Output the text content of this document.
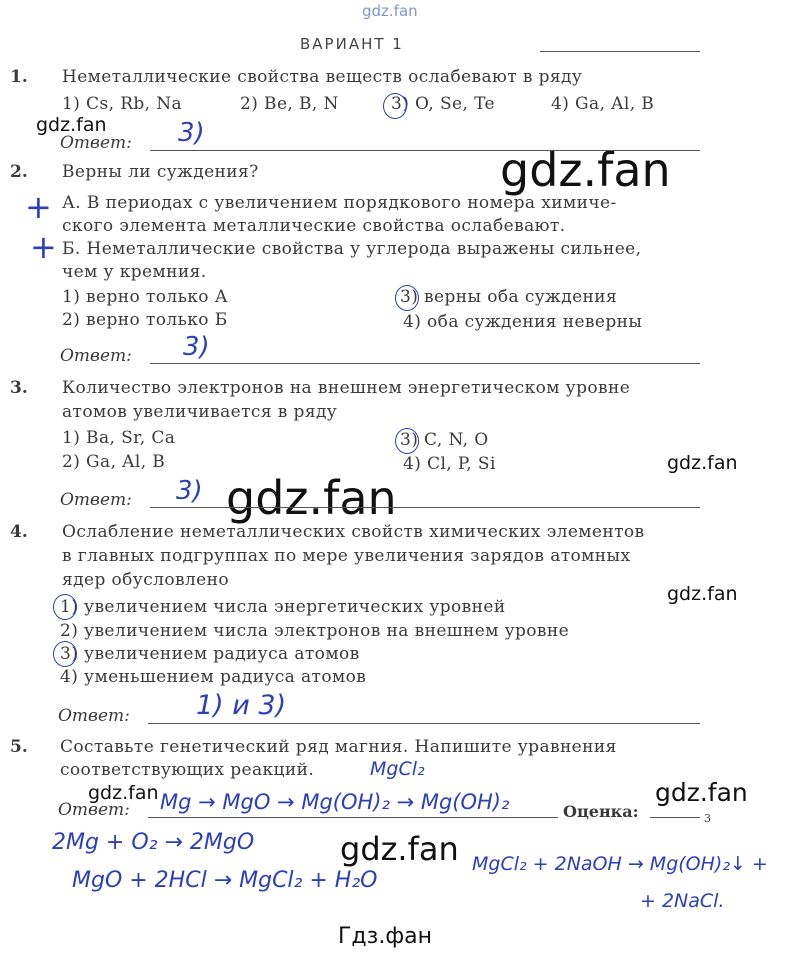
gdz.fan
gdz.fan
gdz.fan
gdz.fan
gdz.fan
gdz.fan
gdz.fan	gdz.fan
gdz.fan
Гдз.фан
ВАРИАНТ 1
1. Неметаллические свойства веществ ослабевают в ряду
1) Cs, Rb, Na	2) Be, B, N	3) O, Se, Te	4) Ga, Al, B
Ответ: 3)
2. Верны ли суждения?
А. В периодах с увеличением порядкового номера химиче-
ского элемента металлические свойства ослабевают.
Б. Неметаллические свойства у углерода выражены сильнее,
чем у кремния.
+
+
1) верно только А
2) верно только Б
3) верны оба суждения
4) оба суждения неверны
Ответ: 3)
3. Количество электронов на внешнем энергетическом уровне
атомов увеличивается в ряду
1) Ba, Sr, Ca
2) Ga, Al, B
3) C, N, O
4) Cl, P, Si
Ответ: 3)
4. Ослабление неметаллических свойств химических элементов
в главных подгруппах по мере увеличения зарядов атомных
ядер обусловлено
1) увеличением числа энергетических уровней
2) увеличением числа электронов на внешнем уровне
3) увеличением радиуса атомов
4) уменьшением радиуса атомов
Ответ: 1) и 3)
5. Составьте генетический ряд магния. Напишите уравнения
соответствующих реакций.	MgCl₂
Ответ: Mg → MgO → Mg(OH)₂ → Mg(OH)₂	Оценка:	3
2Mg + O₂ → 2MgO
MgO + 2HCl → MgCl₂ + H₂O
MgCl₂ + 2NaOH → Mg(OH)₂↓ +
+ 2NaCl.
